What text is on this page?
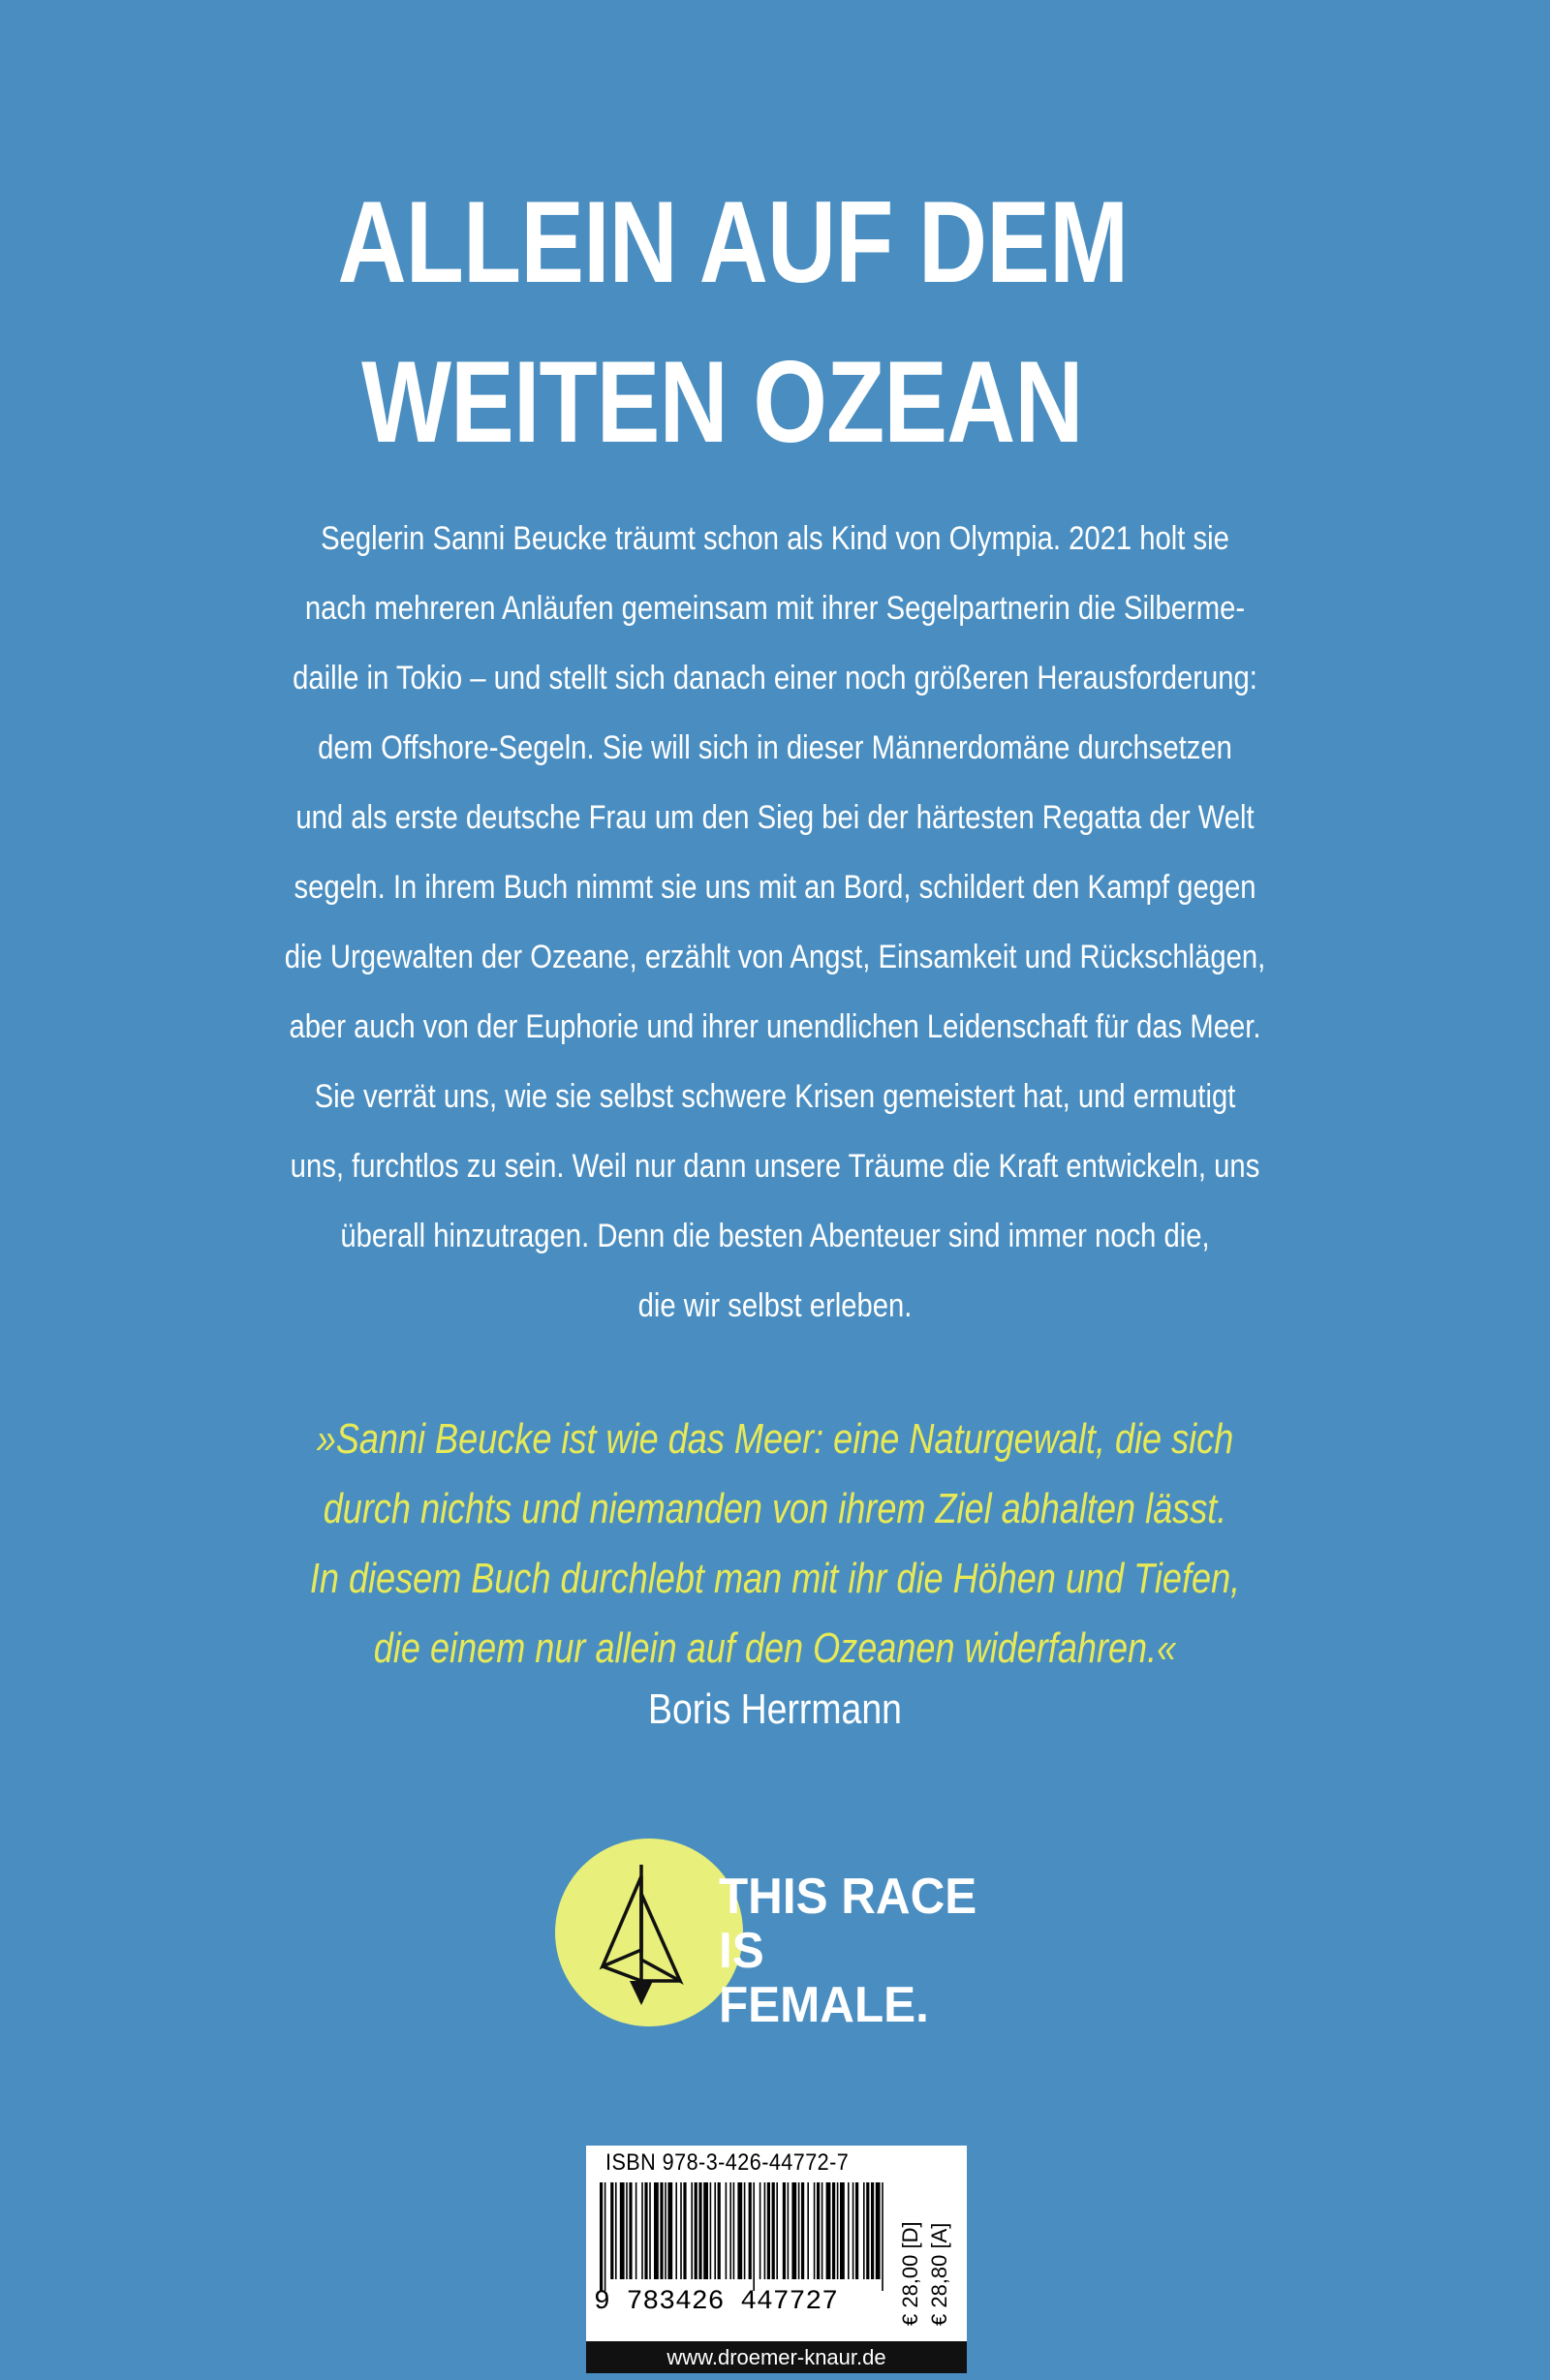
ALLEIN AUF DEM
WEITEN OZEAN
Seglerin Sanni Beucke träumt schon als Kind von Olympia. 2021 holt sie
nach mehreren Anläufen gemeinsam mit ihrer Segelpartnerin die Silberme-
daille in Tokio – und stellt sich danach einer noch größeren Herausforderung:
dem Offshore-Segeln. Sie will sich in dieser Männerdomäne durchsetzen
und als erste deutsche Frau um den Sieg bei der härtesten Regatta der Welt
segeln. In ihrem Buch nimmt sie uns mit an Bord, schildert den Kampf gegen
die Urgewalten der Ozeane, erzählt von Angst, Einsamkeit und Rückschlägen,
aber auch von der Euphorie und ihrer unendlichen Leidenschaft für das Meer.
Sie verrät uns, wie sie selbst schwere Krisen gemeistert hat, und ermutigt
uns, furchtlos zu sein. Weil nur dann unsere Träume die Kraft entwickeln, uns
überall hinzutragen. Denn die besten Abenteuer sind immer noch die,
die wir selbst erleben.
»Sanni Beucke ist wie das Meer: eine Naturgewalt, die sich
durch nichts und niemanden von ihrem Ziel abhalten lässt.
In diesem Buch durchlebt man mit ihr die Höhen und Tiefen,
die einem nur allein auf den Ozeanen widerfahren.«
Boris Herrmann
THIS RACE
IS
FEMALE.
ISBN 978-3-426-44772-7
9 783426 447727	€ 28,00 [D] € 28,80 [A]
www.droemer-knaur.de
